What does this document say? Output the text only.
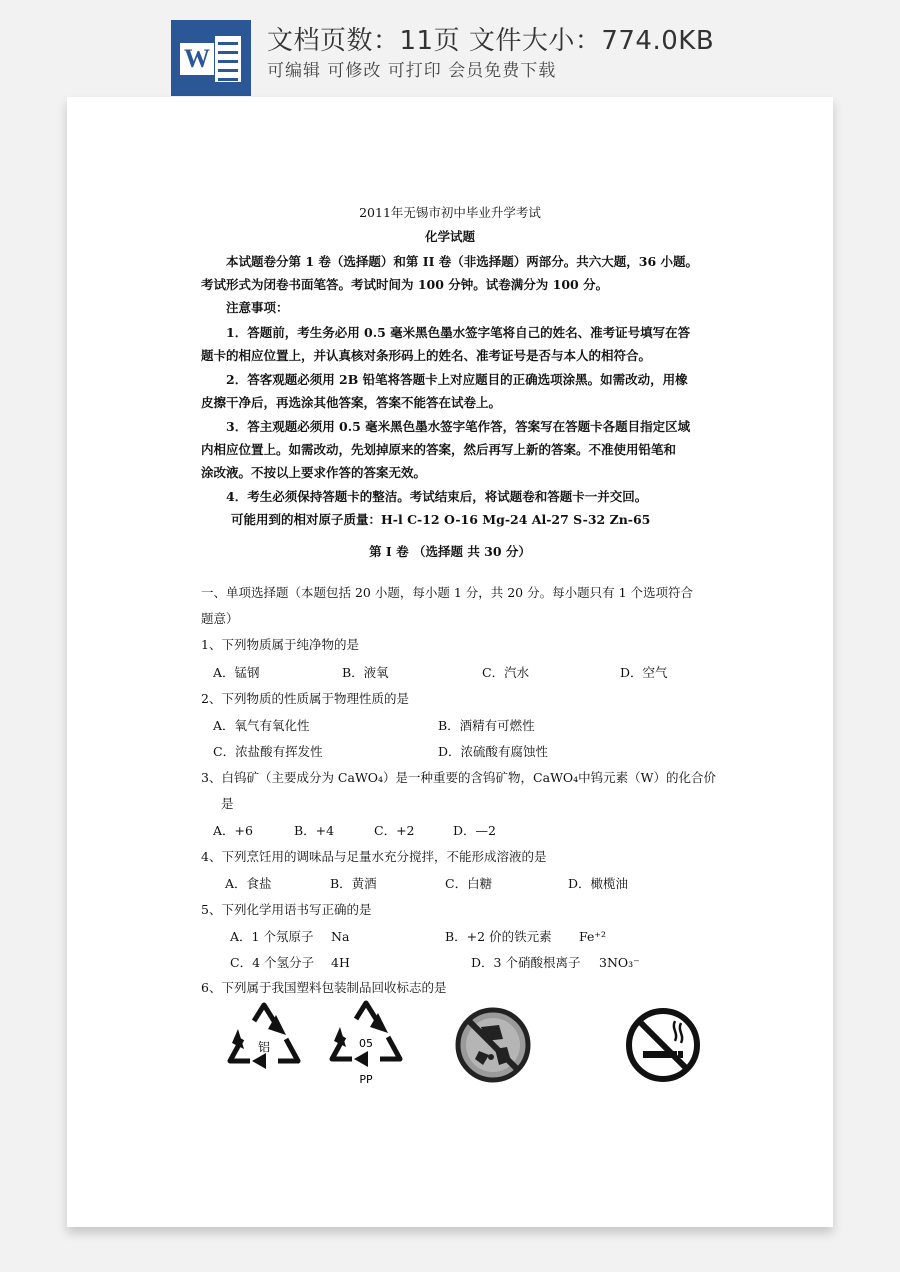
W
文档页数：11页 文件大小：774.0KB
可编辑 可修改 可打印 会员免费下载
2011年无锡市初中毕业升学考试
化学试题
本试题卷分第 1 卷（选择题）和第 II 卷（非选择题）两部分。共六大题，36 小题。
考试形式为闭卷书面笔答。考试时间为 100 分钟。试卷满分为 100 分。
注意事项：
1．答题前，考生务必用 0.5 毫米黑色墨水签字笔将自己的姓名、准考证号填写在答
题卡的相应位置上，并认真核对条形码上的姓名、准考证号是否与本人的相符合。
2．答客观题必须用 2B 铅笔将答题卡上对应题目的正确选项涂黑。如需改动，用橡
皮擦干净后，再选涂其他答案，答案不能答在试卷上。
3．答主观题必须用 0.5 毫米黑色墨水签字笔作答，答案写在答题卡各题目指定区域
内相应位置上。如需改动，先划掉原来的答案，然后再写上新的答案。不准使用铅笔和
涂改液。不按以上要求作答的答案无效。
4．考生必须保持答题卡的整洁。考试结束后，将试题卷和答题卡一并交回。
可能用到的相对原子质量：H-l C-12 O-16 Mg-24 Al-27 S-32 Zn-65
第 I 卷 （选择题 共 30 分）
一、单项选择题（本题包括 20 小题，每小题 1 分，共 20 分。每小题只有 1 个选项符合
题意）
1、下列物质属于纯净物的是
A．锰钢	B．液氧	C．汽水	D．空气
2、下列物质的性质属于物理性质的是
A．氧气有氧化性	B．酒精有可燃性
C．浓盐酸有挥发性	D．浓硫酸有腐蚀性
3、白钨矿（主要成分为 CaWO₄）是一种重要的含钨矿物，CaWO₄中钨元素（W）的化合价
是
A．+6	B．+4	C．+2	D．—2
4、下列烹饪用的调味品与足量水充分搅拌，不能形成溶液的是
A．食盐	B．黄酒	C．白糖	D．橄榄油
5、下列化学用语书写正确的是
A．1 个氖原子 Na	B．+2 价的铁元素 Fe⁺²
C．4 个氢分子 4H	D．3 个硝酸根离子 3NO₃⁻
6、下列属于我国塑料包装制品回收标志的是
铝	05
PP
